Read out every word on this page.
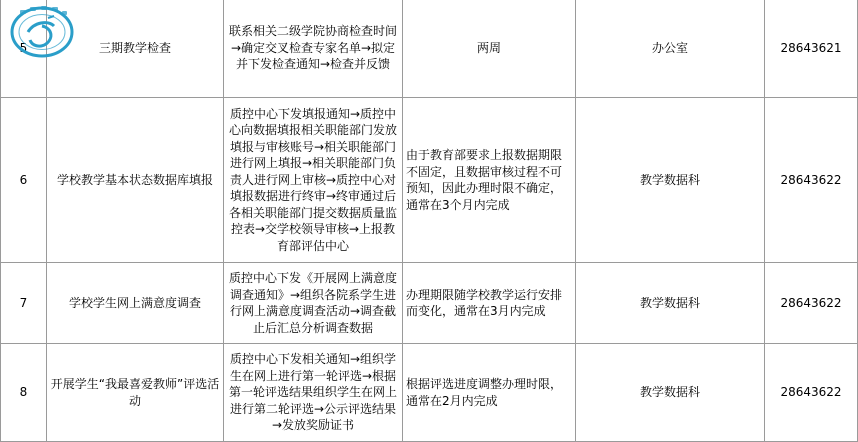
5	三期教学检查	联系相关二级学院协商检查时间→确定交叉检查专家名单→拟定并下发检查通知→检查并反馈	两周	办公室	28643621
6	学校教学基本状态数据库填报	质控中心下发填报通知→质控中心向数据填报相关职能部门发放填报与审核账号→相关职能部门进行网上填报→相关职能部门负责人进行网上审核→质控中心对填报数据进行终审→终审通过后各相关职能部门提交数据质量监控表→交学校领导审核→上报教育部评估中心	由于教育部要求上报数据期限不固定，且数据审核过程不可预知，因此办理时限不确定，通常在3个月内完成	教学数据科	28643622
7	学校学生网上满意度调查	质控中心下发《开展网上满意度调查通知》→组织各院系学生进行网上满意度调查活动→调查截止后汇总分析调查数据	办理期限随学校教学运行安排而变化，通常在3月内完成	教学数据科	28643622
8	开展学生“我最喜爱教师”评选活动	质控中心下发相关通知→组织学生在网上进行第一轮评选→根据第一轮评选结果组织学生在网上进行第二轮评选→公示评选结果→发放奖励证书	根据评选进度调整办理时限，通常在2月内完成	教学数据科	28643622
